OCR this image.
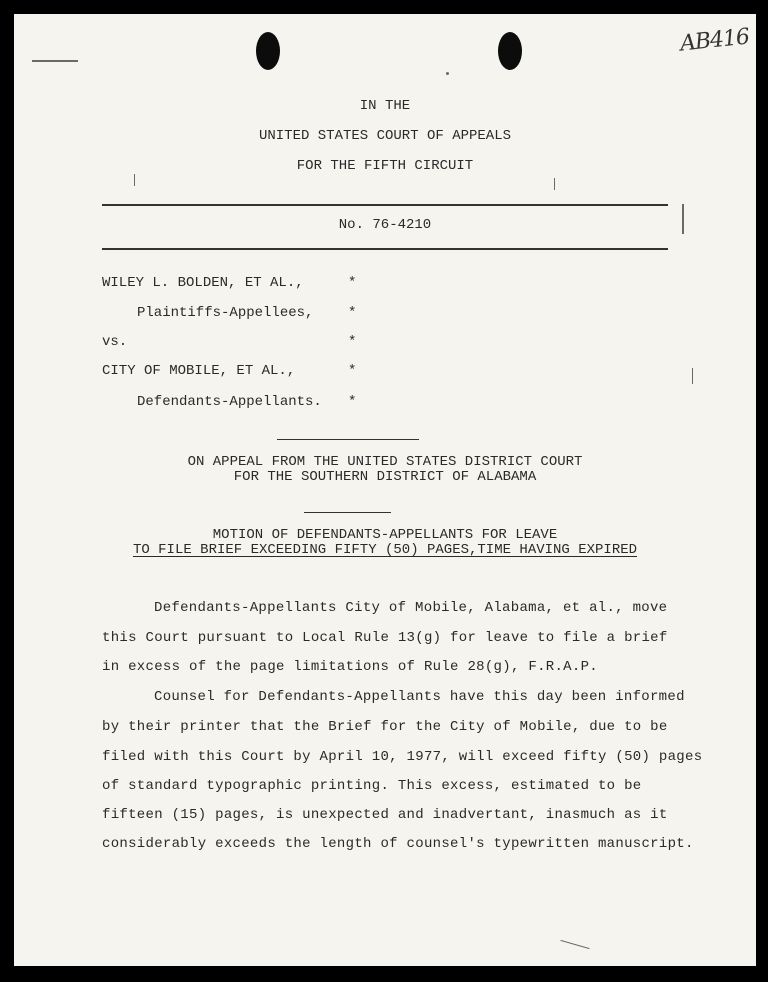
AB416
IN THE
UNITED STATES COURT OF APPEALS
FOR THE FIFTH CIRCUIT
No. 76-4210
WILEY L. BOLDEN, ET AL.,	*
Plaintiffs-Appellees, *
vs.	*
CITY OF MOBILE, ET AL.,	*
Defendants-Appellants. *
ON APPEAL FROM THE UNITED STATES DISTRICT COURT
FOR THE SOUTHERN DISTRICT OF ALABAMA
MOTION OF DEFENDANTS-APPELLANTS FOR LEAVE
TO FILE BRIEF EXCEEDING FIFTY (50) PAGES,TIME HAVING EXPIRED
Defendants-Appellants City of Mobile, Alabama, et al., move
this Court pursuant to Local Rule 13(g) for leave to file a brief
in excess of the page limitations of Rule 28(g), F.R.A.P.
Counsel for Defendants-Appellants have this day been informed
by their printer that the Brief for the City of Mobile, due to be
filed with this Court by April 10, 1977, will exceed fifty (50) pages
of standard typographic printing. This excess, estimated to be
fifteen (15) pages, is unexpected and inadvertant, inasmuch as it
considerably exceeds the length of counsel's typewritten manuscript.
